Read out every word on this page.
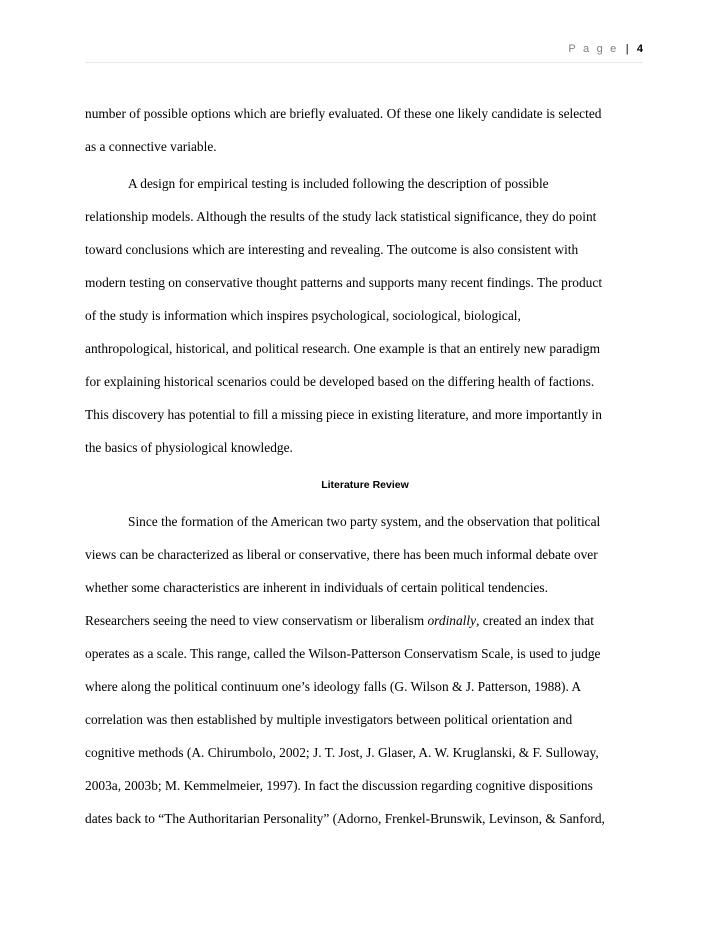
P a g e | 4
number of possible options which are briefly evaluated. Of these one likely candidate is selected
as a connective variable.
A design for empirical testing is included following the description of possible
relationship models. Although the results of the study lack statistical significance, they do point
toward conclusions which are interesting and revealing. The outcome is also consistent with
modern testing on conservative thought patterns and supports many recent findings. The product
of the study is information which inspires psychological, sociological, biological,
anthropological, historical, and political research. One example is that an entirely new paradigm
for explaining historical scenarios could be developed based on the differing health of factions.
This discovery has potential to fill a missing piece in existing literature, and more importantly in
the basics of physiological knowledge.
Literature Review
Since the formation of the American two party system, and the observation that political
views can be characterized as liberal or conservative, there has been much informal debate over
whether some characteristics are inherent in individuals of certain political tendencies.
Researchers seeing the need to view conservatism or liberalism ordinally, created an index that
operates as a scale. This range, called the Wilson-Patterson Conservatism Scale, is used to judge
where along the political continuum one’s ideology falls (G. Wilson & J. Patterson, 1988). A
correlation was then established by multiple investigators between political orientation and
cognitive methods (A. Chirumbolo, 2002; J. T. Jost, J. Glaser, A. W. Kruglanski, & F. Sulloway,
2003a, 2003b; M. Kemmelmeier, 1997). In fact the discussion regarding cognitive dispositions
dates back to “The Authoritarian Personality” (Adorno, Frenkel-Brunswik, Levinson, & Sanford,
